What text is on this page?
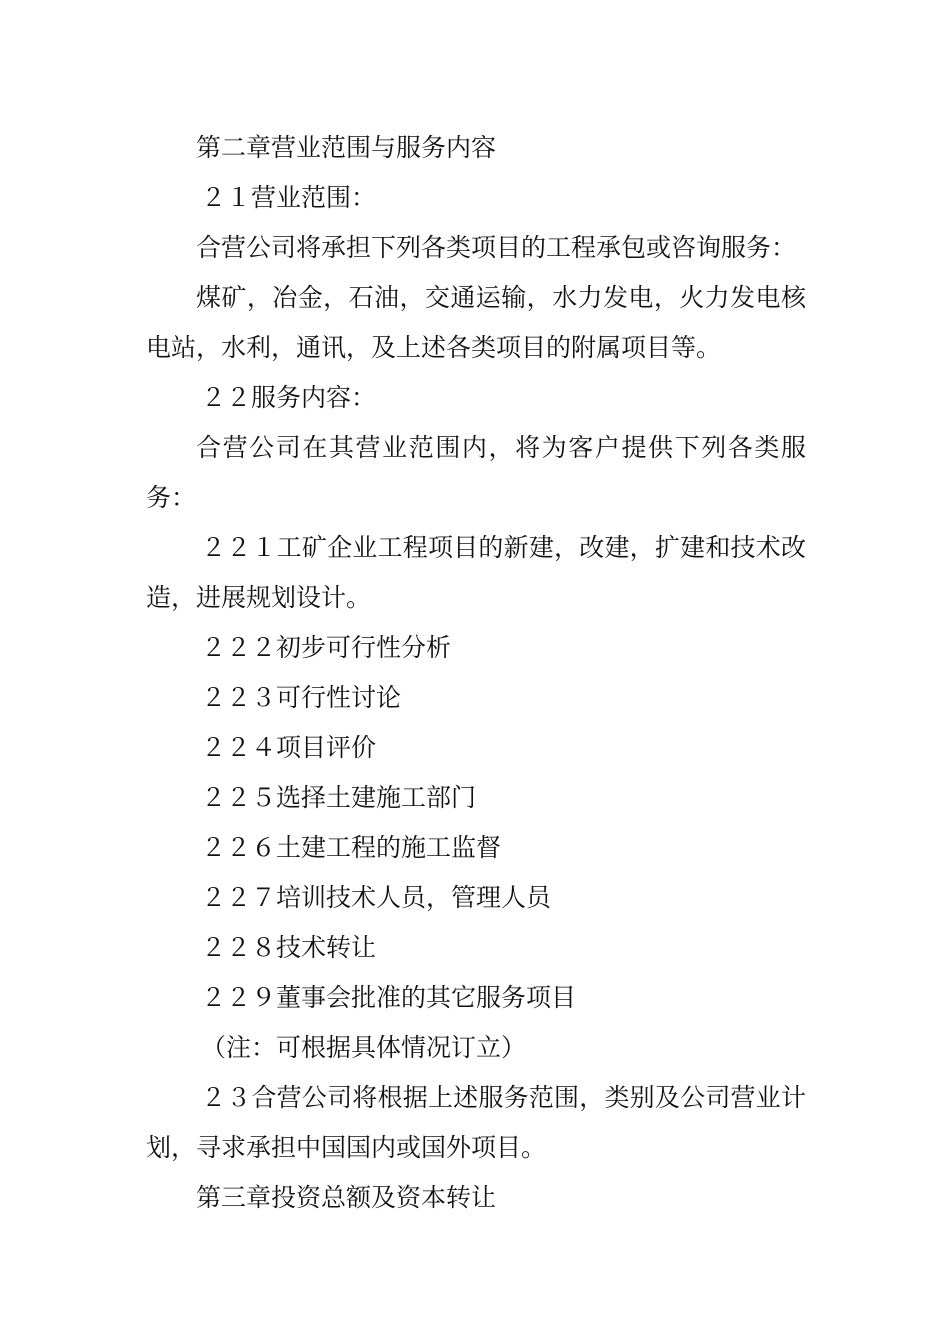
第二章营业范围与服务内容

２１营业范围：

合营公司将承担下列各类项目的工程承包或咨询服务：

煤矿，冶金，石油，交通运输，水力发电，火力发电核电站，水利，通讯，及上述各类项目的附属项目等。

２２服务内容：

合营公司在其营业范围内，将为客户提供下列各类服务：

２２１工矿企业工程项目的新建，改建，扩建和技术改造，进展规划设计。

２２２初步可行性分析

２２３可行性讨论

２２４项目评价

２２５选择土建施工部门

２２６土建工程的施工监督

２２７培训技术人员，管理人员

２２８技术转让

２２９董事会批准的其它服务项目

（注：可根据具体情况订立）

２３合营公司将根据上述服务范围，类别及公司营业计划，寻求承担中国国内或国外项目。

第三章投资总额及资本转让
